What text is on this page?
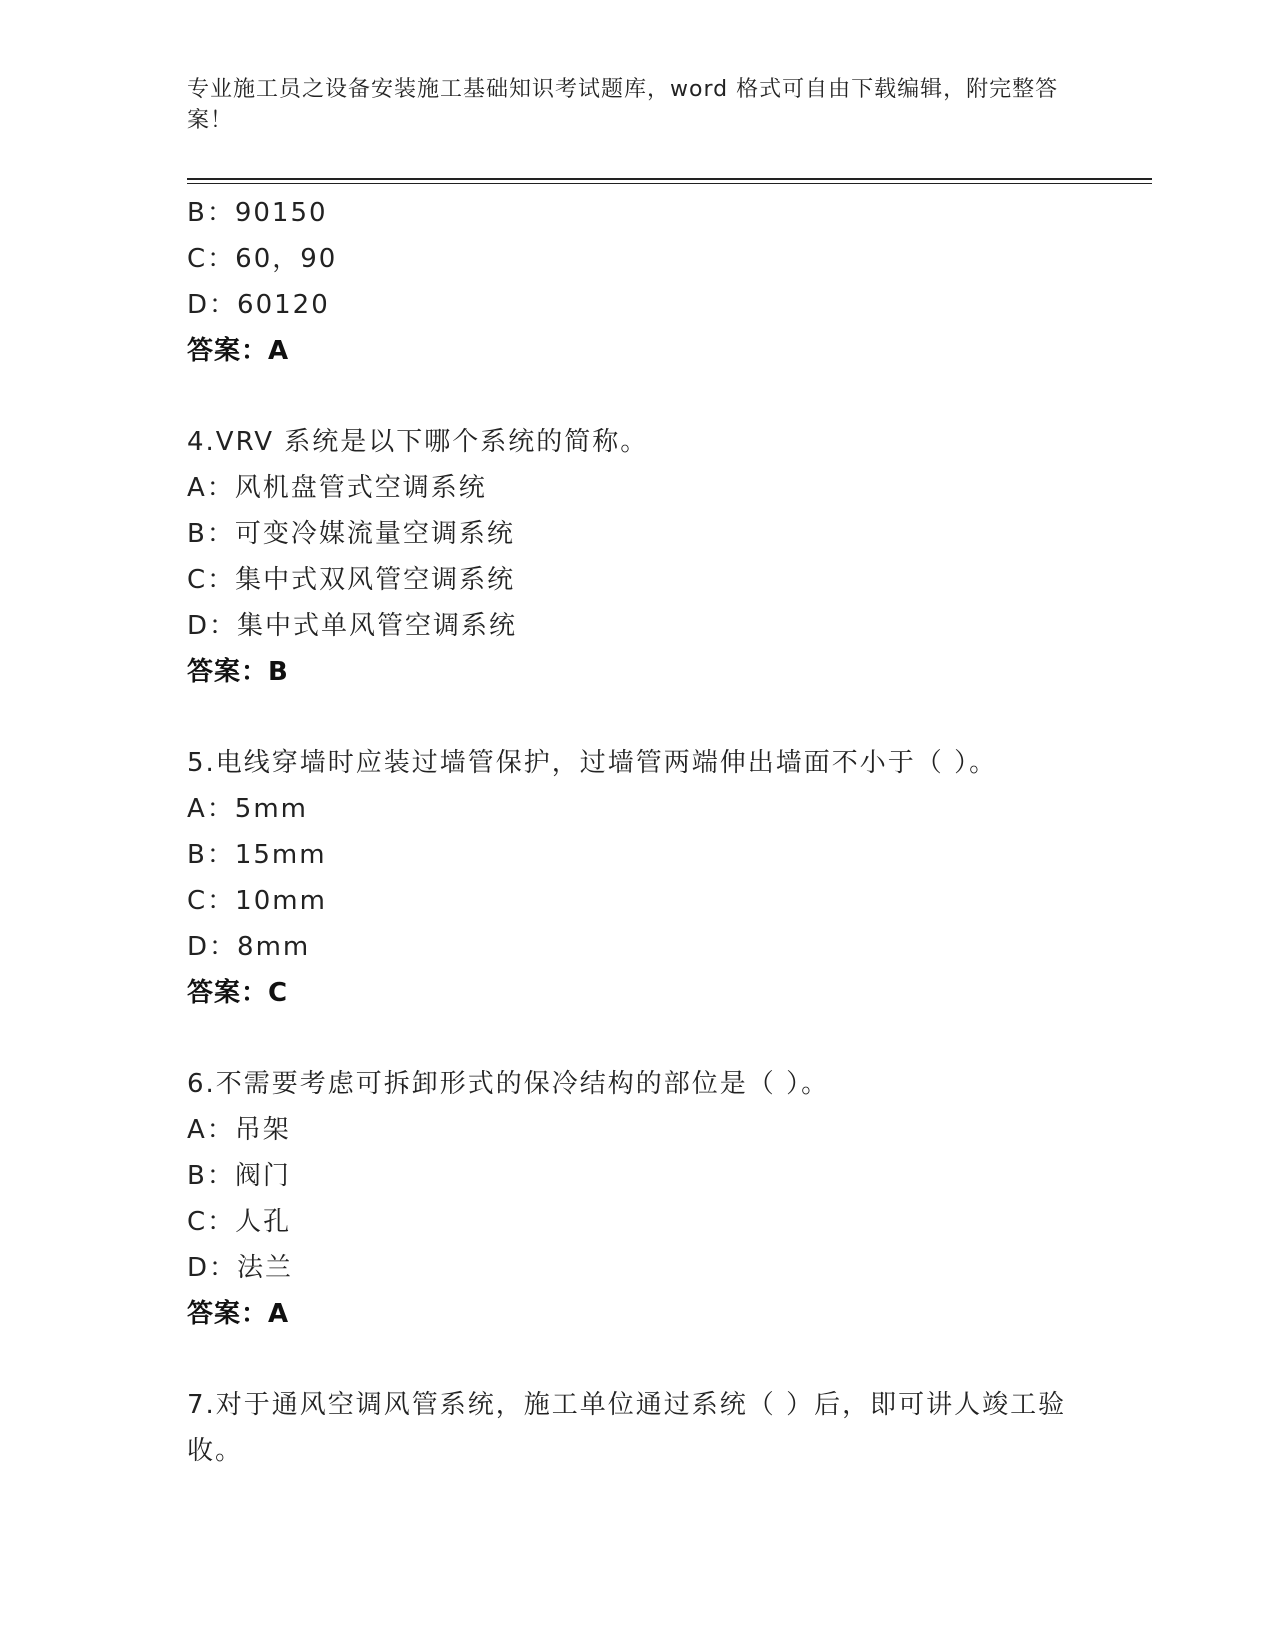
专业施工员之设备安装施工基础知识考试题库，word 格式可自由下载编辑，附完整答案！
B：90150
C：60，90
D：60120
答案：A
4.VRV 系统是以下哪个系统的简称。
A：风机盘管式空调系统
B：可变冷媒流量空调系统
C：集中式双风管空调系统
D：集中式单风管空调系统
答案：B
5.电线穿墙时应装过墙管保护，过墙管两端伸出墙面不小于（ ）。
A：5mm
B：15mm
C：10mm
D：8mm
答案：C
6.不需要考虑可拆卸形式的保冷结构的部位是（ ）。
A：吊架
B：阀门
C：人孔
D：法兰
答案：A
7.对于通风空调风管系统，施工单位通过系统（ ）后，即可讲人竣工验收。
